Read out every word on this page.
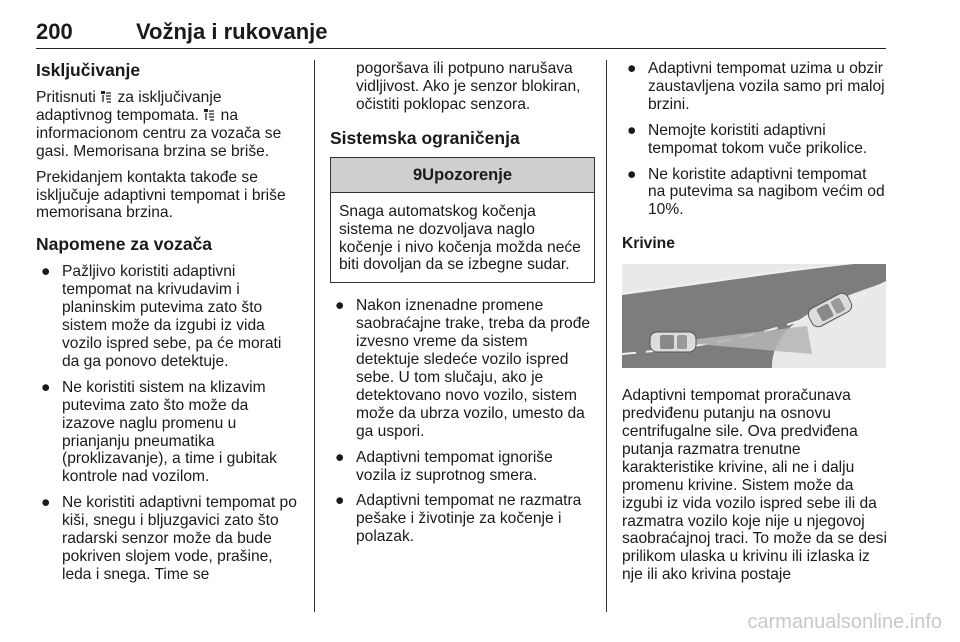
200	Vožnja i rukovanje
Isključivanje

Pritisnuti za isključivanje adaptivnog tempomata. na informacionom centru za vozača se gasi. Memorisana brzina se briše.

Prekidanjem kontakta takođe se isključuje adaptivni tempomat i briše memorisana brzina.

Napomene za vozača
● Pažljivo koristiti adaptivni tempomat na krivudavim i planinskim putevima zato što sistem može da izgubi iz vida vozilo ispred sebe, pa će morati da ga ponovo detektuje.
● Ne koristiti sistem na klizavim putevima zato što može da izazove naglu promenu u prianjanju pneumatika (proklizavanje), a time i gubitak kontrole nad vozilom.
● Ne koristiti adaptivni tempomat po kiši, snegu i bljuzgavici zato što radarski senzor može da bude pokriven slojem vode, prašine, leda i snega. Time se

pogoršava ili potpuno narušava vidljivost. Ako je senzor blokiran, očistiti poklopac senzora.

Sistemska ograničenja
9Upozorenje
Snaga automatskog kočenja sistema ne dozvoljava naglo kočenje i nivo kočenja možda neće biti dovoljan da se izbegne sudar.
● Nakon iznenadne promene saobraćajne trake, treba da prođe izvesno vreme da sistem detektuje sledeće vozilo ispred sebe. U tom slučaju, ako je detektovano novo vozilo, sistem može da ubrza vozilo, umesto da ga uspori.
● Adaptivni tempomat ignoriše vozila iz suprotnog smera.
● Adaptivni tempomat ne razmatra pešake i životinje za kočenje i polazak.
● Adaptivni tempomat uzima u obzir zaustavljena vozila samo pri maloj brzini.
● Nemojte koristiti adaptivni tempomat tokom vuče prikolice.
● Ne koristite adaptivni tempomat na putevima sa nagibom većim od 10%.
Krivine

Adaptivni tempomat proračunava predviđenu putanju na osnovu centrifugalne sile. Ova predviđena putanja razmatra trenutne karakteristike krivine, ali ne i dalju promenu krivine. Sistem može da izgubi iz vida vozilo ispred sebe ili da razmatra vozilo koje nije u njegovoj saobraćajnoj traci. To može da se desi prilikom ulaska u krivinu ili izlaska iz nje ili ako krivina postaje

carmanualsonline.info
